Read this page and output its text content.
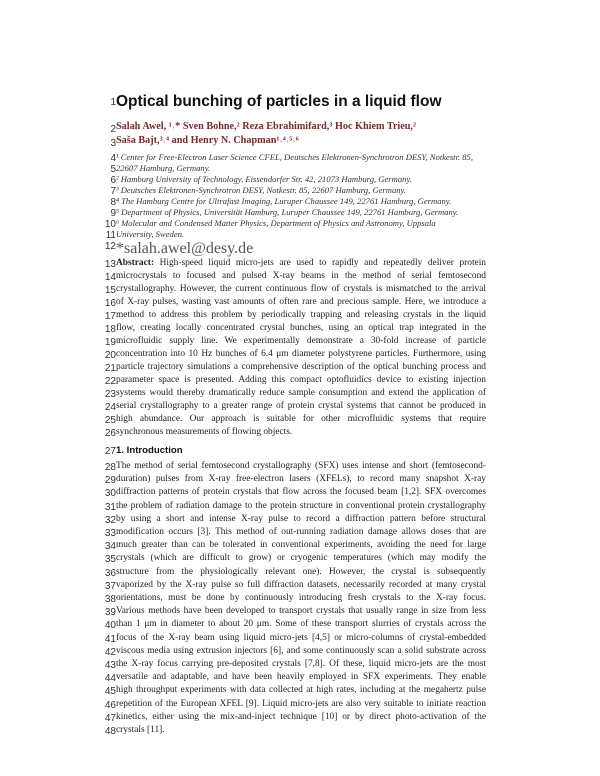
1 Optical bunching of particles in a liquid flow
2 Salah Awel, ¹˒* Sven Bohne,² Reza Ebrahimifard,³ Hoc Khiem Trieu,²
3 Saša Bajt,³˒⁴ and Henry N. Chapman¹˒⁴˒⁵˒⁶
4 ¹ Center for Free-Electron Laser Science CFEL, Deutsches Elektronen-Synchrotron DESY, Notkestr. 85,
5 22607 Hamburg, Germany.
6 ² Hamburg University of Technology, Eissendorfer Str. 42, 21073 Hamburg, Germany.
7 ³ Deutsches Elektronen-Synchrotron DESY, Notkestr. 85, 22607 Hamburg, Germany.
8 ⁴ The Hamburg Centre for Ultrafast Imaging, Luruper Chaussee 149, 22761 Hamburg, Germany.
9 ⁵ Department of Physics, Universität Hamburg, Luruper Chaussee 149, 22761 Hamburg, Germany.
10 ⁶ Molecular and Condensed Matter Physics, Department of Physics and Astronomy, Uppsala
11 University, Sweden.
12 *salah.awel@desy.de
13 Abstract: High-speed liquid micro-jets are used to rapidly and repeatedly deliver protein
14 microcrystals to focused and pulsed X-ray beams in the method of serial femtosecond
15 crystallography. However, the current continuous flow of crystals is mismatched to the arrival
16 of X-ray pulses, wasting vast amounts of often rare and precious sample. Here, we introduce a
17 method to address this problem by periodically trapping and releasing crystals in the liquid
18 flow, creating locally concentrated crystal bunches, using an optical trap integrated in the
19 microfluidic supply line. We experimentally demonstrate a 30-fold increase of particle
20 concentration into 10 Hz bunches of 6.4 μm diameter polystyrene particles. Furthermore, using
21 particle trajectory simulations a comprehensive description of the optical bunching process and
22 parameter space is presented. Adding this compact optofluidics device to existing injection
23 systems would thereby dramatically reduce sample consumption and extend the application of
24 serial crystallography to a greater range of protein crystal systems that cannot be produced in
25 high abundance. Our approach is suitable for other microfluidic systems that require
26 synchronous measurements of flowing objects.
27 1. Introduction
28 The method of serial femtosecond crystallography (SFX) uses intense and short (femtosecond-
29 duration) pulses from X-ray free-electron lasers (XFELs), to record many snapshot X-ray
30 diffraction patterns of protein crystals that flow across the focused beam [1,2]. SFX overcomes
31 the problem of radiation damage to the protein structure in conventional protein crystallography
32 by using a short and intense X-ray pulse to record a diffraction pattern before structural
33 modification occurs [3]. This method of out-running radiation damage allows doses that are
34 much greater than can be tolerated in conventional experiments, avoiding the need for large
35 crystals (which are difficult to grow) or cryogenic temperatures (which may modify the
36 structure from the physiologically relevant one). However, the crystal is subsequently
37 vaporized by the X-ray pulse so full diffraction datasets, necessarily recorded at many crystal
38 orientations, must be done by continuously introducing fresh crystals to the X-ray focus.
39 Various methods have been developed to transport crystals that usually range in size from less
40 than 1 μm in diameter to about 20 μm. Some of these transport slurries of crystals across the
41 focus of the X-ray beam using liquid micro-jets [4,5] or micro-columns of crystal-embedded
42 viscous media using extrusion injectors [6], and some continuously scan a solid substrate across
43 the X-ray focus carrying pre-deposited crystals [7,8]. Of these, liquid micro-jets are the most
44 versatile and adaptable, and have been heavily employed in SFX experiments. They enable
45 high throughput experiments with data collected at high rates, including at the megahertz pulse
46 repetition of the European XFEL [9]. Liquid micro-jets are also very suitable to initiate reaction
47 kinetics, either using the mix-and-inject technique [10] or by direct photo-activation of the
48 crystals [11].
